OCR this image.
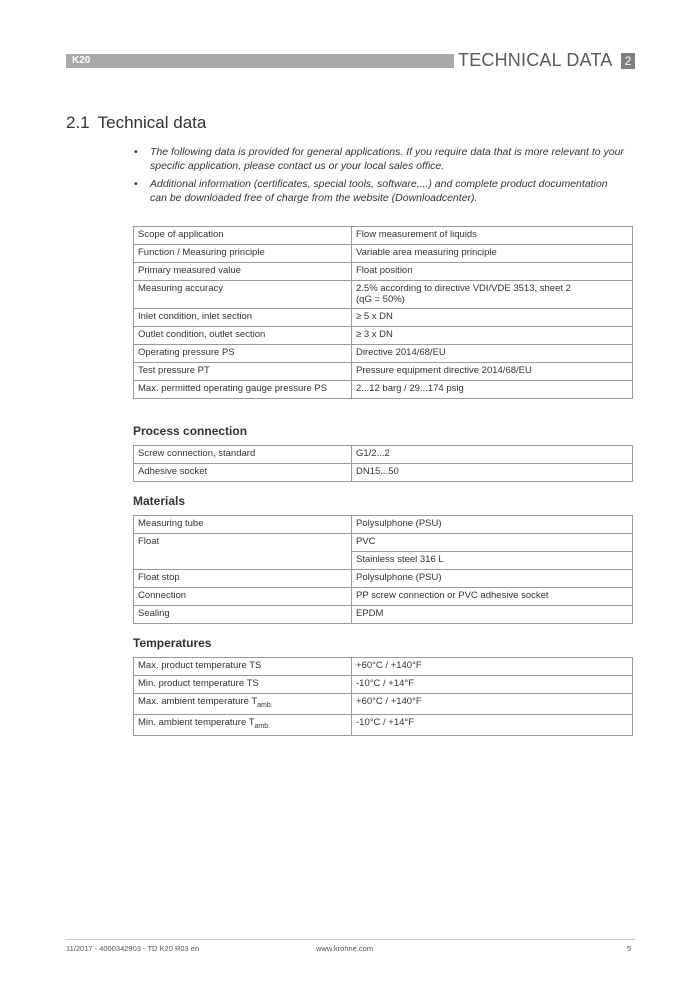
K20	TECHNICAL DATA	2
2.1 Technical data
• The following data is provided for general applications. If you require data that is more relevant to your specific application, please contact us or your local sales office.
• Additional information (certificates, special tools, software,...) and complete product documentation can be downloaded free of charge from the website (Downloadcenter).
Scope of application	Flow measurement of liquids
Function / Measuring principle	Variable area measuring principle
Primary measured value	Float position
Measuring accuracy	2.5% according to directive VDI/VDE 3513, sheet 2
(qG = 50%)
Inlet condition, inlet section	≥ 5 x DN
Outlet condition, outlet section	≥ 3 x DN
Operating pressure PS	Directive 2014/68/EU
Test pressure PT	Pressure equipment directive 2014/68/EU
Max. permitted operating gauge pressure PS	2...12 barg / 29...174 psig
Process connection
Screw connection, standard	G1/2...2
Adhesive socket	DN15...50
Materials
Measuring tube	Polysulphone (PSU)
Float	PVC
	Stainless steel 316 L
Float stop	Polysulphone (PSU)
Connection	PP screw connection or PVC adhesive socket
Sealing	EPDM
Temperatures
Max. product temperature TS	+60°C / +140°F
Min. product temperature TS	-10°C / +14°F
Max. ambient temperature $T_{amb.}$	+60°C / +140°F
Min. ambient temperature $T_{amb.}$	-10°C / +14°F
11/2017 - 4000342903 - TD K20 R03 en	www.krohne.com	5
